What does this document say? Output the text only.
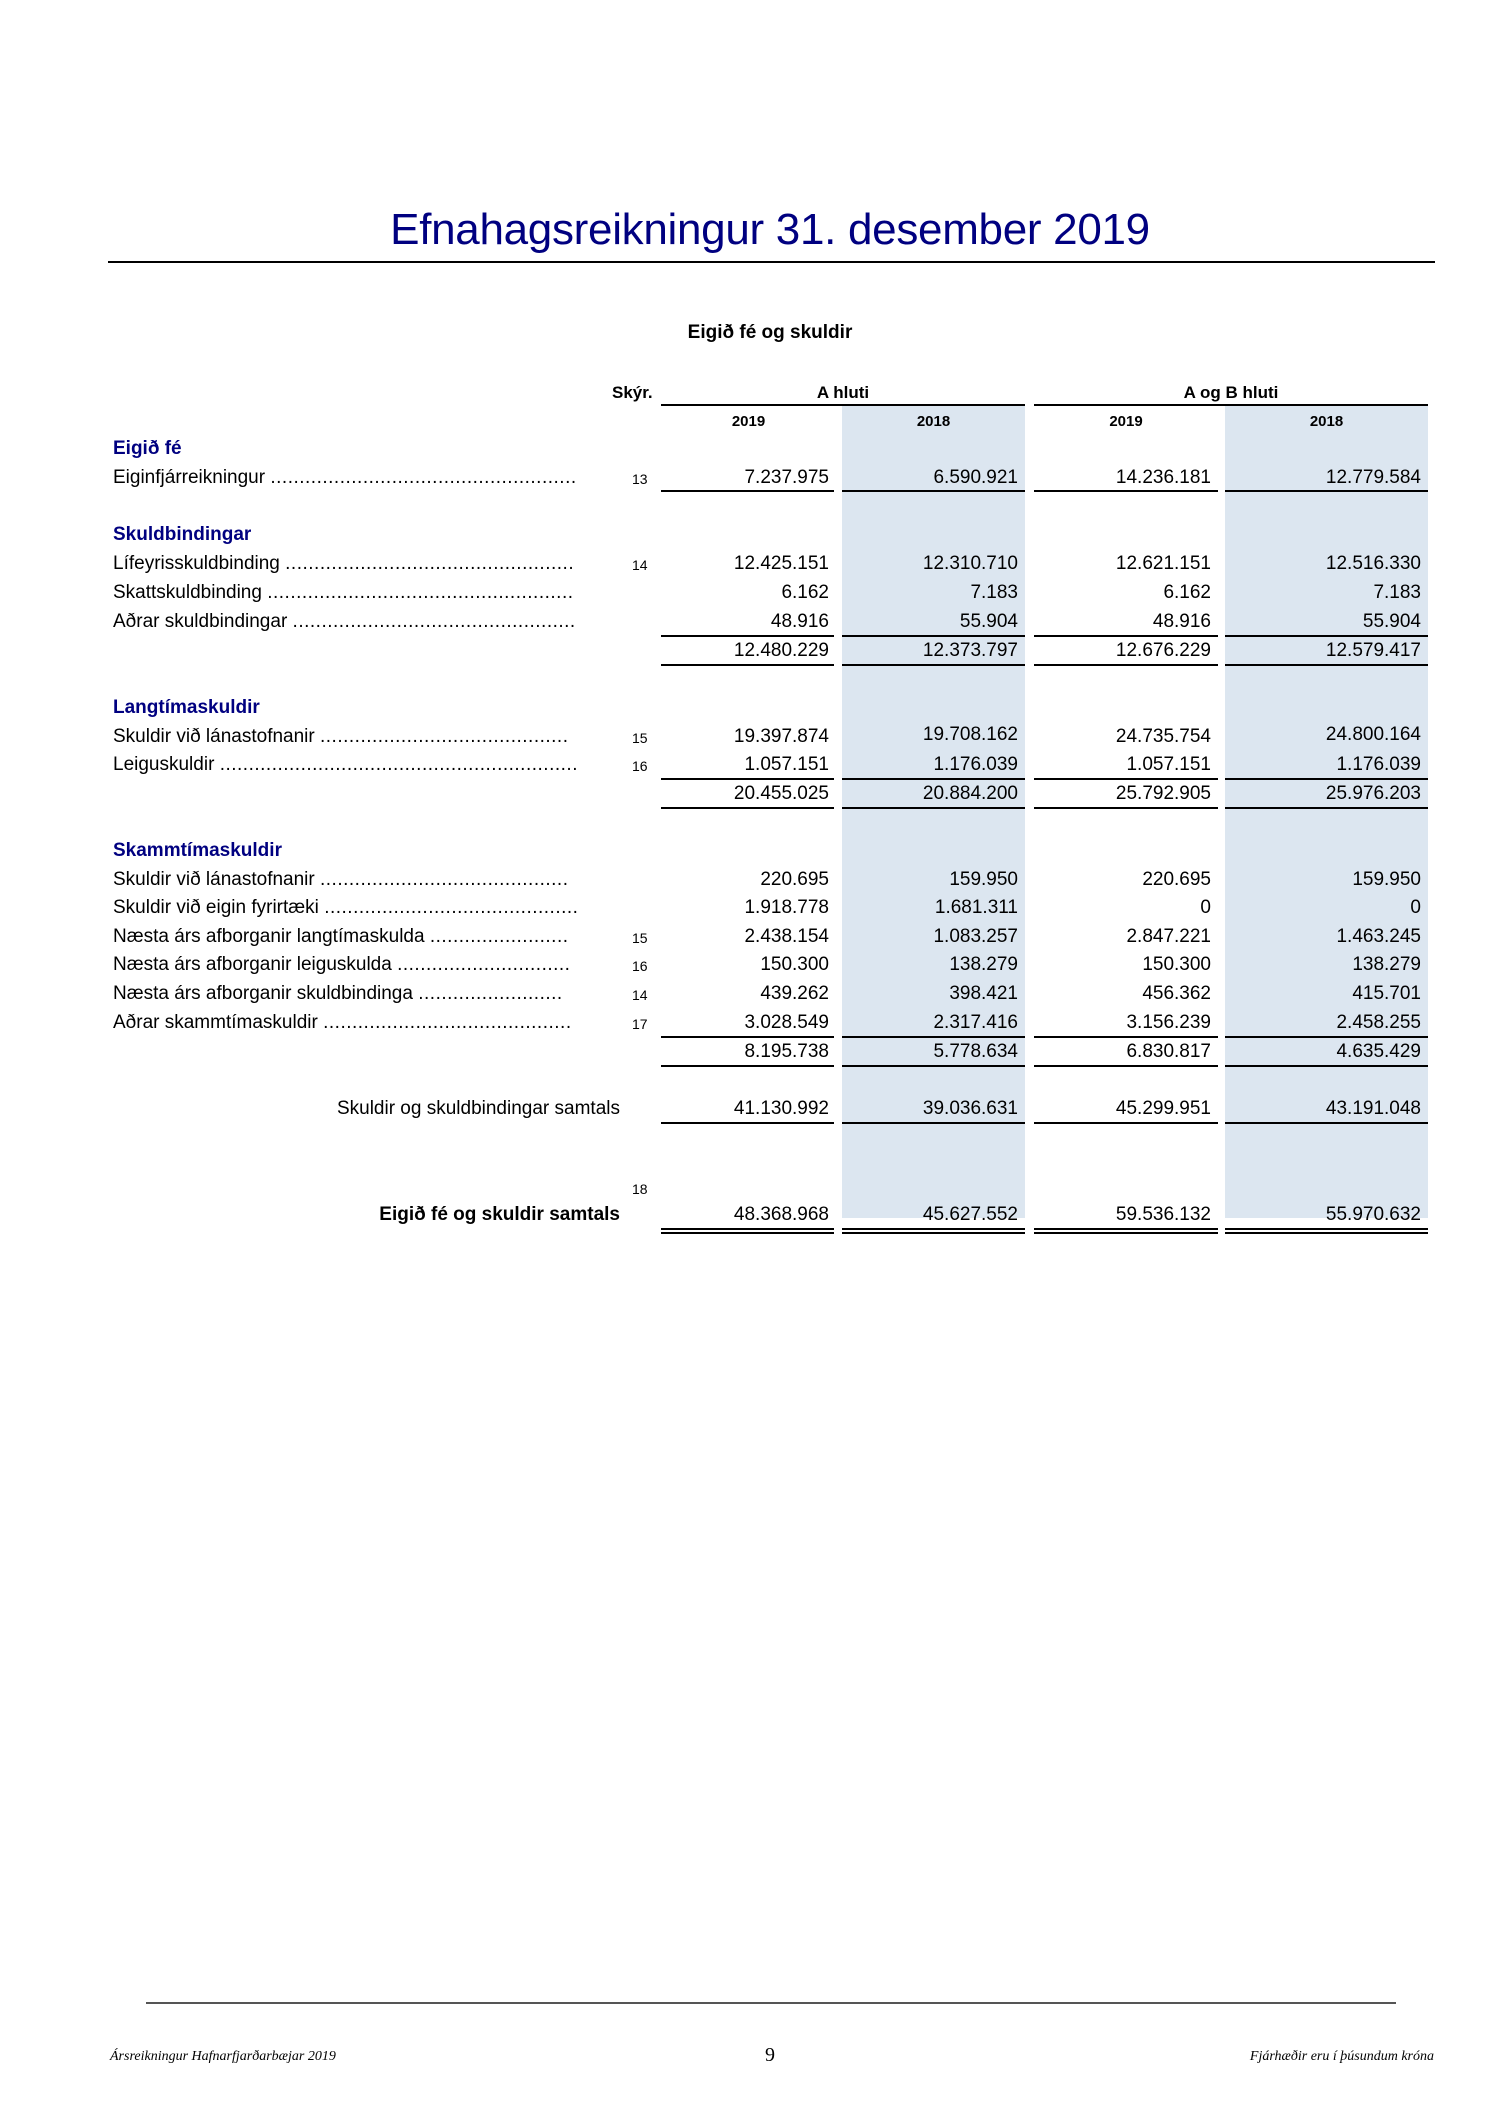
Efnahagsreikningur 31. desember 2019
Eigið fé og skuldir
Skýr.	A hluti	A og B hluti
2019	2018	2019	2018
Eigið fé
Eiginfjárreikningur .....................................................	13	7.237.975	6.590.921	14.236.181	12.779.584
Skuldbindingar
Lífeyrisskuldbinding ..................................................	14	12.425.151	12.310.710	12.621.151	12.516.330
Skattskuldbinding .....................................................	6.162	7.183	6.162	7.183
Aðrar skuldbindingar .................................................	48.916	55.904	48.916	55.904
12.480.229	12.373.797	12.676.229	12.579.417
Langtímaskuldir
Skuldir við lánastofnanir ...........................................	15	19.397.874	19.708.162	24.735.754	24.800.164
Leiguskuldir ..............................................................	16	1.057.151	1.176.039	1.057.151	1.176.039
20.455.025	20.884.200	25.792.905	25.976.203
Skammtímaskuldir
Skuldir við lánastofnanir ...........................................	220.695	159.950	220.695	159.950
Skuldir við eigin fyrirtæki ............................................	1.918.778	1.681.311	0	0
Næsta árs afborganir langtímaskulda ........................	15	2.438.154	1.083.257	2.847.221	1.463.245
Næsta árs afborganir leiguskulda ..............................	16	150.300	138.279	150.300	138.279
Næsta árs afborganir skuldbindinga .........................	14	439.262	398.421	456.362	415.701
Aðrar skammtímaskuldir ...........................................	17	3.028.549	2.317.416	3.156.239	2.458.255
8.195.738	5.778.634	6.830.817	4.635.429
Skuldir og skuldbindingar samtals	41.130.992	39.036.631	45.299.951	43.191.048
18
Eigið fé og skuldir samtals	48.368.968	45.627.552	59.536.132	55.970.632
Ársreikningur Hafnarfjarðarbæjar 2019	9	Fjárhæðir eru í þúsundum króna
